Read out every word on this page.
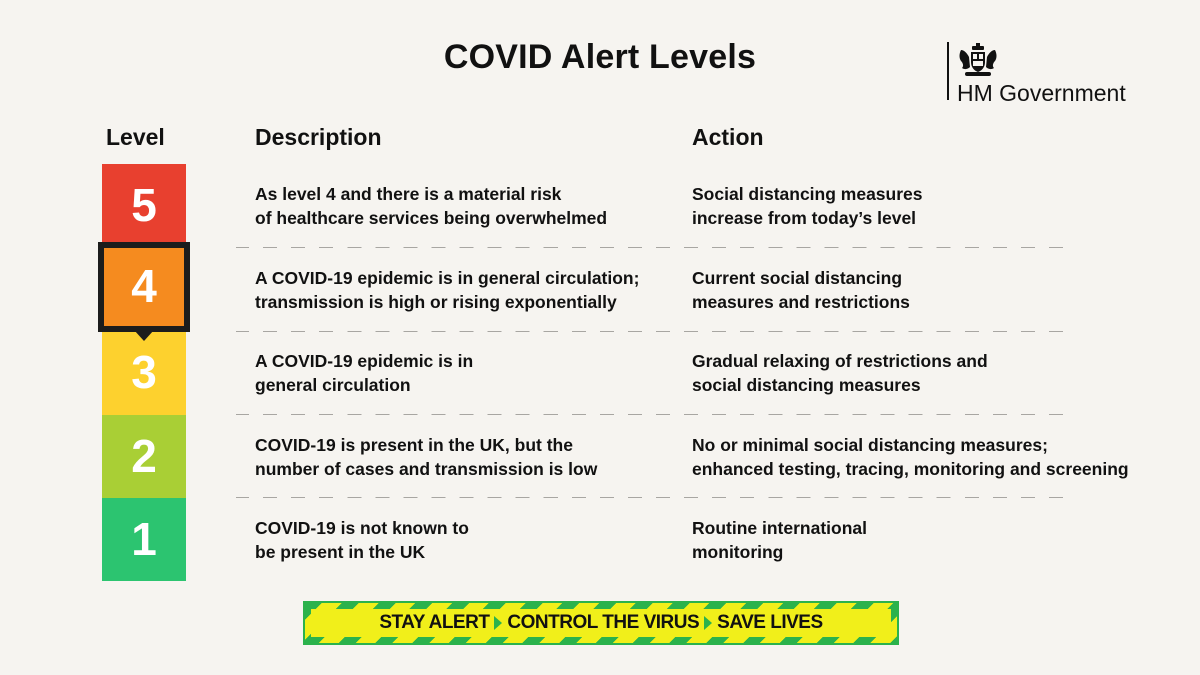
COVID Alert Levels
HM Government
Level	Description	Action
5
4
3
2
1
As level 4 and there is a material risk
of healthcare services being overwhelmed
Social distancing measures
increase from today’s level
A COVID-19 epidemic is in general circulation;
transmission is high or rising exponentially
Current social distancing
measures and restrictions
A COVID-19 epidemic is in
general circulation
Gradual relaxing of restrictions and
social distancing measures
COVID-19 is present in the UK, but the
number of cases and transmission is low
No or minimal social distancing measures;
enhanced testing, tracing, monitoring and screening
COVID-19 is not known to
be present in the UK
Routine international
monitoring
STAY ALERT CONTROL THE VIRUS SAVE LIVES
